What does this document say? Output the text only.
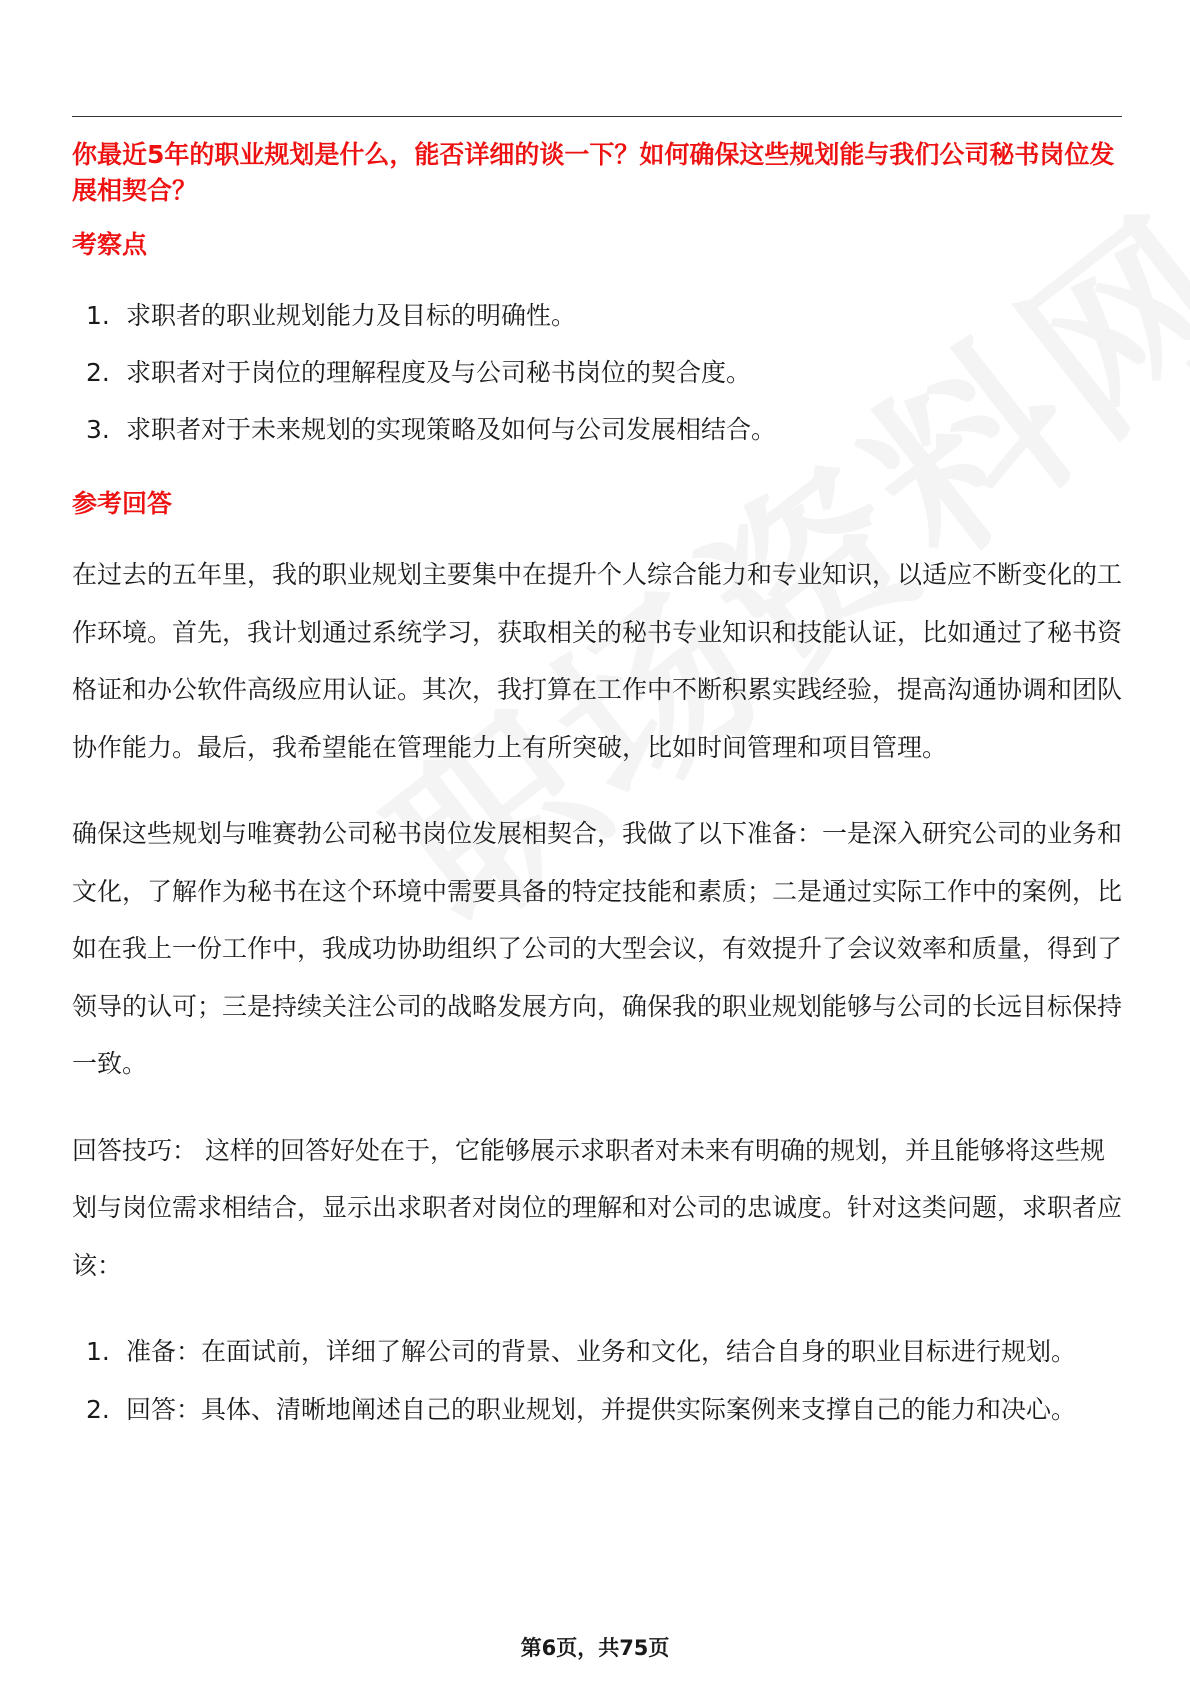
你最近5年的职业规划是什么，能否详细的谈一下？如何确保这些规划能与我们公司秘书岗位发展相契合？
考察点
1. 求职者的职业规划能力及目标的明确性。
2. 求职者对于岗位的理解程度及与公司秘书岗位的契合度。
3. 求职者对于未来规划的实现策略及如何与公司发展相结合。
参考回答
在过去的五年里，我的职业规划主要集中在提升个人综合能力和专业知识，以适应不断变化的工作环境。首先，我计划通过系统学习，获取相关的秘书专业知识和技能认证，比如通过了秘书资格证和办公软件高级应用认证。其次，我打算在工作中不断积累实践经验，提高沟通协调和团队协作能力。最后，我希望能在管理能力上有所突破，比如时间管理和项目管理。
确保这些规划与唯赛勃公司秘书岗位发展相契合，我做了以下准备：一是深入研究公司的业务和文化，了解作为秘书在这个环境中需要具备的特定技能和素质；二是通过实际工作中的案例，比如在我上一份工作中，我成功协助组织了公司的大型会议，有效提升了会议效率和质量，得到了领导的认可；三是持续关注公司的战略发展方向，确保我的职业规划能够与公司的长远目标保持一致。
回答技巧： 这样的回答好处在于，它能够展示求职者对未来有明确的规划，并且能够将这些规划与岗位需求相结合，显示出求职者对岗位的理解和对公司的忠诚度。针对这类问题，求职者应该：
1. 准备：在面试前，详细了解公司的背景、业务和文化，结合自身的职业目标进行规划。
2. 回答：具体、清晰地阐述自己的职业规划，并提供实际案例来支撑自己的能力和决心。
第6页，共75页
